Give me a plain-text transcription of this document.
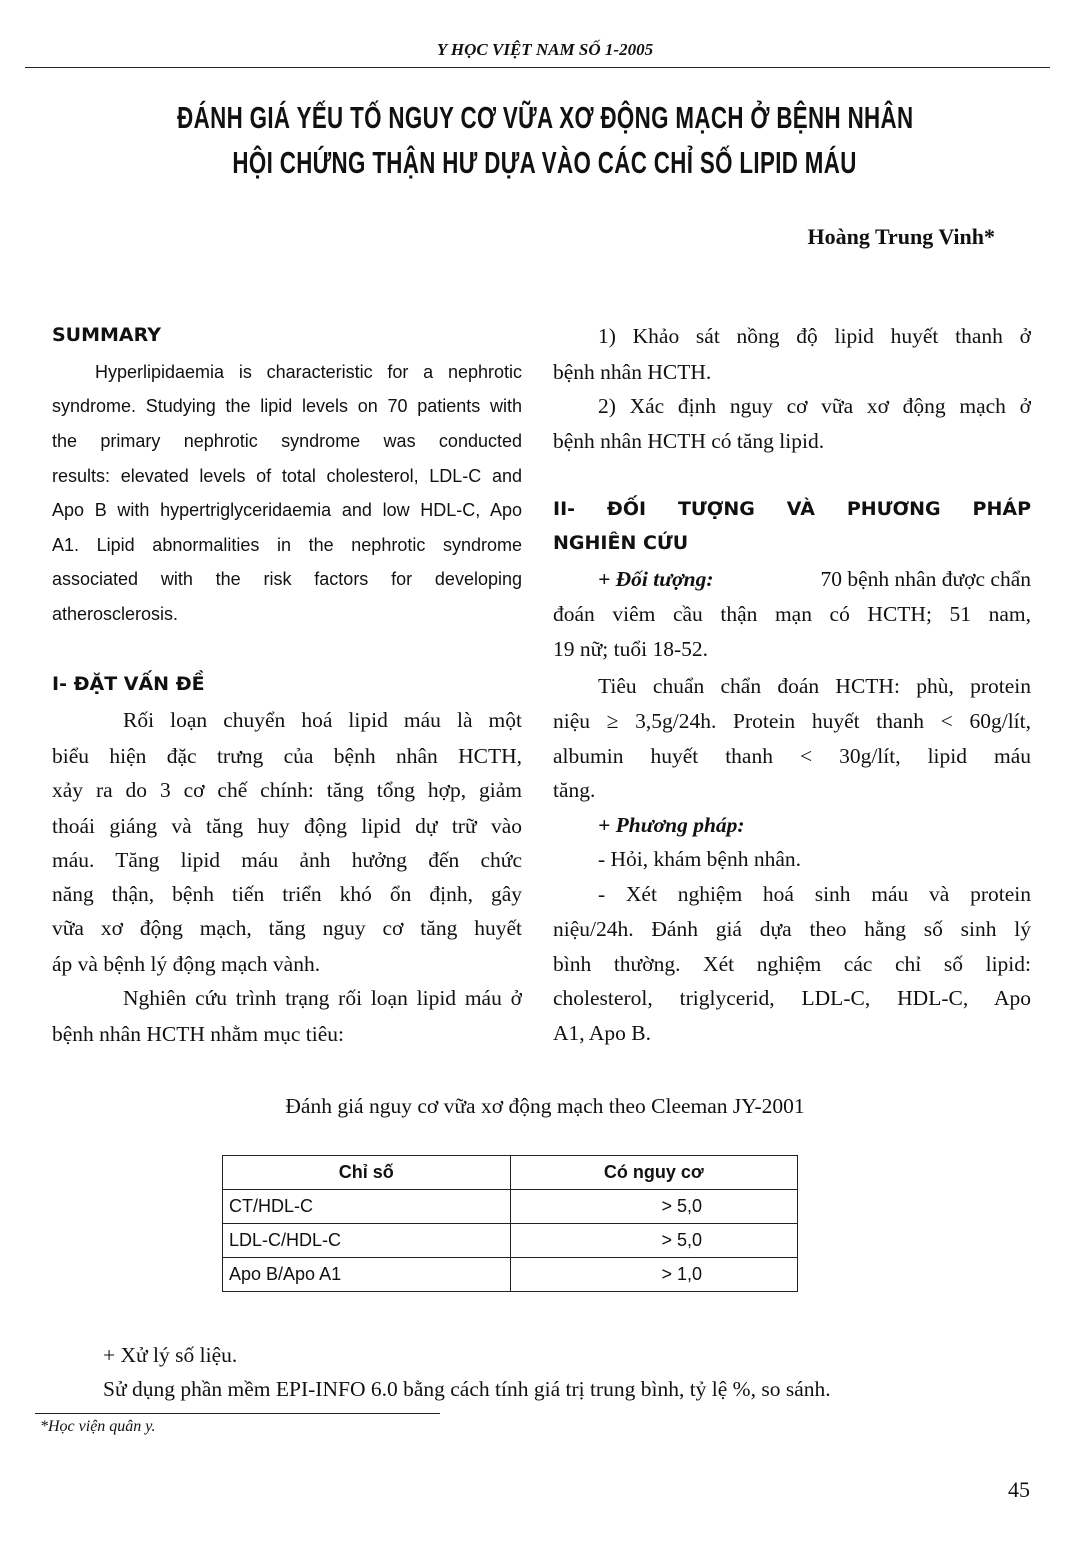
Y HỌC VIỆT NAM SỐ 1-2005
ĐÁNH GIÁ YẾU TỐ NGUY CƠ VỮA XƠ ĐỘNG MẠCH Ở BỆNH NHÂN
HỘI CHỨNG THẬN HƯ DỰA VÀO CÁC CHỈ SỐ LIPID MÁU
Hoàng Trung Vinh*
SUMMARY
Hyperlipidaemia is characteristic for a nephrotic
syndrome. Studying the lipid levels on 70 patients with
the primary nephrotic syndrome was conducted
results: elevated levels of total cholesterol, LDL-C and
Apo B with hypertriglyceridaemia and low HDL-C, Apo
A1. Lipid abnormalities in the nephrotic syndrome
associated with the risk factors for developing
atherosclerosis.
I- ĐẶT VẤN ĐỀ
Rối loạn chuyển hoá lipid máu là một
biểu hiện đặc trưng của bệnh nhân HCTH,
xảy ra do 3 cơ chế chính: tăng tổng hợp, giảm
thoái giáng và tăng huy động lipid dự trữ vào
máu. Tăng lipid máu ảnh hưởng đến chức
năng thận, bệnh tiến triển khó ổn định, gây
vữa xơ động mạch, tăng nguy cơ tăng huyết
áp và bệnh lý động mạch vành.
Nghiên cứu trình trạng rối loạn lipid máu ở
bệnh nhân HCTH nhằm mục tiêu:
1) Khảo sát nồng độ lipid huyết thanh ở
bệnh nhân HCTH.
2) Xác định nguy cơ vữa xơ động mạch ở
bệnh nhân HCTH có tăng lipid.
II- ĐỐI TƯỢNG VÀ PHƯƠNG PHÁP
NGHIÊN CỨU
+ Đối tượng:	70 bệnh nhân được chẩn
đoán viêm cầu thận mạn có HCTH; 51 nam,
19 nữ; tuổi 18-52.
Tiêu chuẩn chẩn đoán HCTH: phù, protein
niệu ≥ 3,5g/24h. Protein huyết thanh < 60g/lít,
albumin huyết thanh < 30g/lít, lipid máu
tăng.
+ Phương pháp:
- Hỏi, khám bệnh nhân.
- Xét nghiệm hoá sinh máu và protein
niệu/24h. Đánh giá dựa theo hằng số sinh lý
bình thường. Xét nghiệm các chỉ số lipid:
cholesterol, triglycerid, LDL-C, HDL-C, Apo
A1, Apo B.
Đánh giá nguy cơ vữa xơ động mạch theo Cleeman JY-2001
Chỉ số	Có nguy cơ
CT/HDL-C	> 5,0
LDL-C/HDL-C	> 5,0
Apo B/Apo A1	> 1,0
+ Xử lý số liệu.
Sử dụng phần mềm EPI-INFO 6.0 bằng cách tính giá trị trung bình, tỷ lệ %, so sánh.
*Học viện quân y.
45
